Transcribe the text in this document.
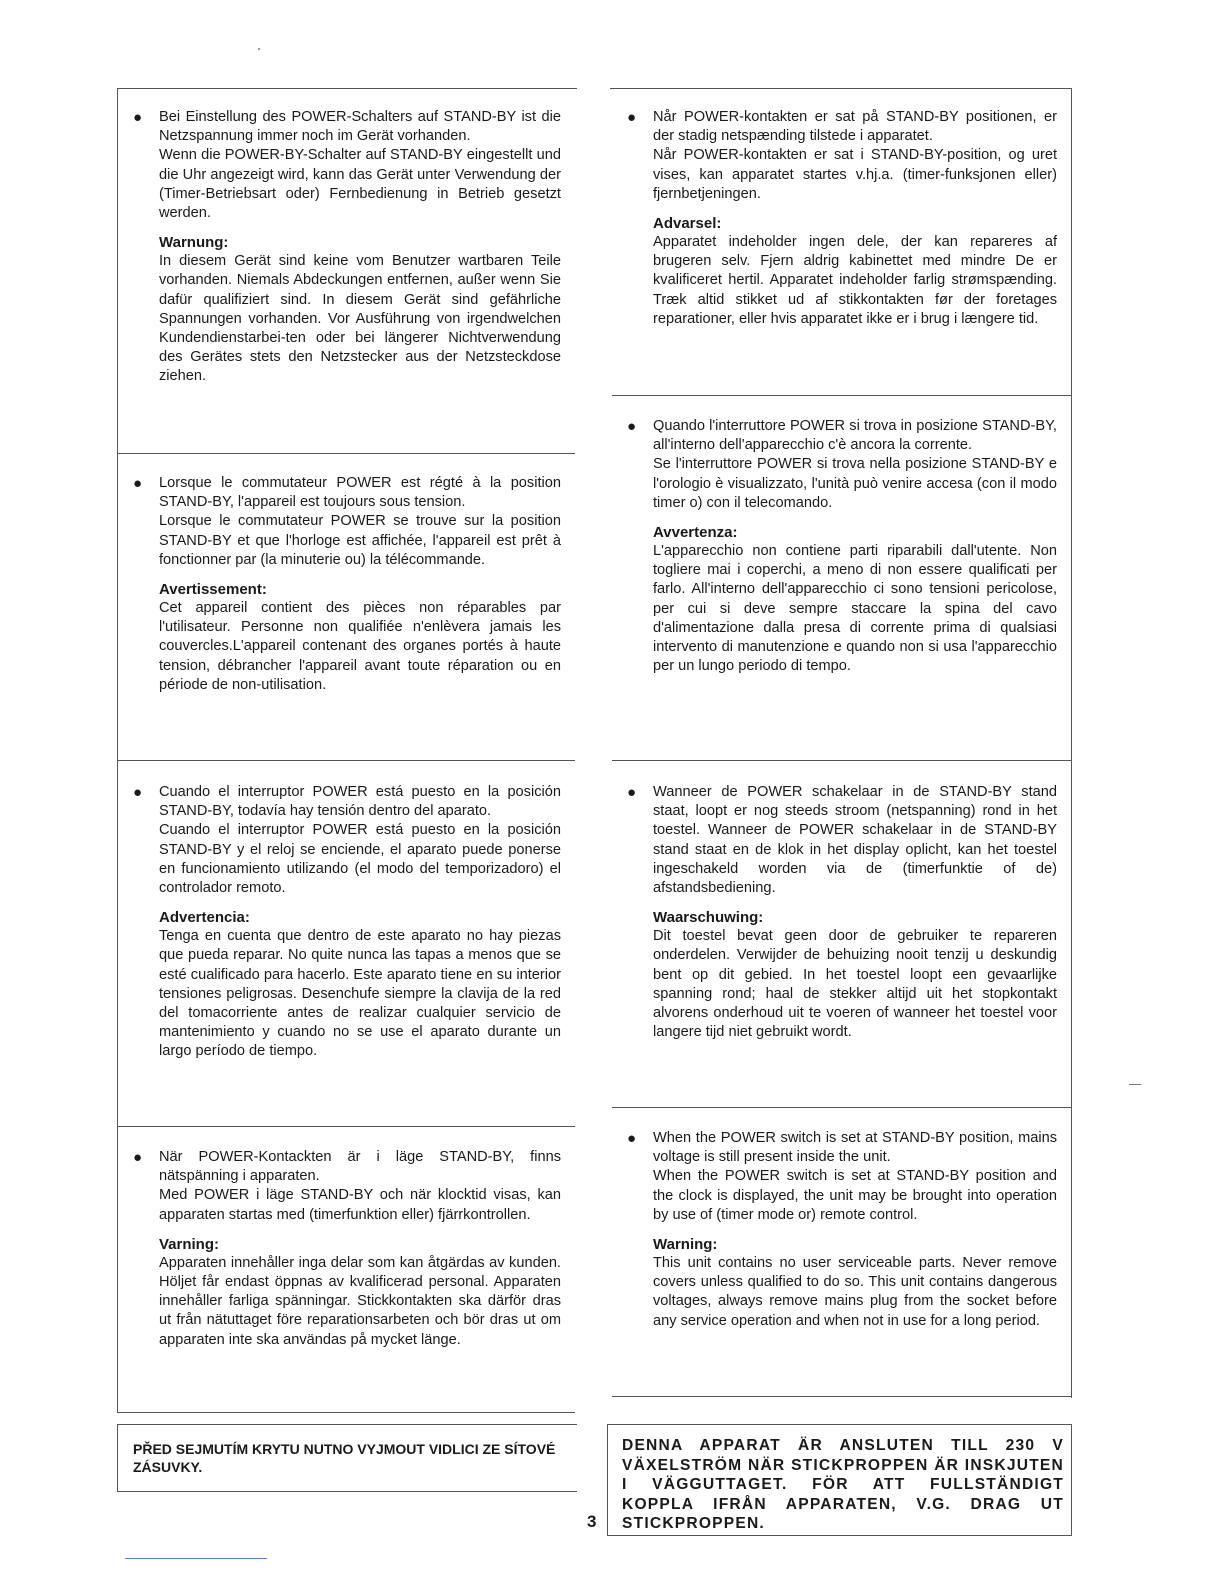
● Bei Einstellung des POWER-Schalters auf STAND-BY ist die Netzspannung immer noch im Gerät vorhanden.

Wenn die POWER-BY-Schalter auf STAND-BY eingestellt und die Uhr angezeigt wird, kann das Gerät unter Verwendung der (Timer-Betriebsart oder) Fernbedienung in Betrieb gesetzt werden.

Warnung:
In diesem Gerät sind keine vom Benutzer wartbaren Teile vorhanden. Niemals Abdeckungen entfernen, außer wenn Sie dafür qualifiziert sind. In diesem Gerät sind gefährliche Spannungen vorhanden. Vor Ausführung von irgendwelchen Kundendienstarbei-ten oder bei längerer Nichtverwendung des Gerätes stets den Netzstecker aus der Netzsteckdose ziehen.
● Lorsque le commutateur POWER est régté à la position STAND-BY, l'appareil est toujours sous tension.

Lorsque le commutateur POWER se trouve sur la position STAND-BY et que l'horloge est affichée, l'appareil est prêt à fonctionner par (la minuterie ou) la télécommande.

Avertissement:
Cet appareil contient des pièces non réparables par l'utilisateur. Personne non qualifiée n'enlèvera jamais les couvercles.L'appareil contenant des organes portés à haute tension, débrancher l'appareil avant toute réparation ou en période de non-utilisation.
● Cuando el interruptor POWER está puesto en la posición STAND-BY, todavía hay tensión dentro del aparato.

Cuando el interruptor POWER está puesto en la posición STAND-BY y el reloj se enciende, el aparato puede ponerse en funcionamiento utilizando (el modo del temporizadoro) el controlador remoto.

Advertencia:
Tenga en cuenta que dentro de este aparato no hay piezas que pueda reparar. No quite nunca las tapas a menos que se esté cualificado para hacerlo. Este aparato tiene en su interior tensiones peligrosas. Desenchufe siempre la clavija de la red del tomacorriente antes de realizar cualquier servicio de mantenimiento y cuando no se use el aparato durante un largo período de tiempo.
● När POWER-Kontackten är i läge STAND-BY, finns nätspänning i apparaten.

Med POWER i läge STAND-BY och när klocktid visas, kan apparaten startas med (timerfunktion eller) fjärrkontrollen.

Varning:
Apparaten innehåller inga delar som kan åtgärdas av kunden. Höljet får endast öppnas av kvalificerad personal. Apparaten innehåller farliga spänningar. Stickkontakten ska därför dras ut från nätuttaget före reparationsarbeten och bör dras ut om apparaten inte ska användas på mycket länge.
● Når POWER-kontakten er sat på STAND-BY positionen, er der stadig netspænding tilstede i apparatet.

Når POWER-kontakten er sat i STAND-BY-position, og uret vises, kan apparatet startes v.hj.a. (timer-funksjonen eller) fjernbetjeningen.

Advarsel:
Apparatet indeholder ingen dele, der kan repareres af brugeren selv. Fjern aldrig kabinettet med mindre De er kvalificeret hertil. Apparatet indeholder farlig strømspænding. Træk altid stikket ud af stikkontakten før der foretages reparationer, eller hvis apparatet ikke er i brug i længere tid.
● Quando l'interruttore POWER si trova in posizione STAND-BY, all'interno dell'apparecchio c'è ancora la corrente.

Se l'interruttore POWER si trova nella posizione STAND-BY e l'orologio è visualizzato, l'unità può venire accesa (con il modo timer o) con il telecomando.

Avvertenza:
L'apparecchio non contiene parti riparabili dall'utente. Non togliere mai i coperchi, a meno di non essere qualificati per farlo. All'interno dell'apparecchio ci sono tensioni pericolose, per cui si deve sempre staccare la spina del cavo d'alimentazione dalla presa di corrente prima di qualsiasi intervento di manutenzione e quando non si usa l'apparecchio per un lungo periodo di tempo.
● Wanneer de POWER schakelaar in de STAND-BY stand staat, loopt er nog steeds stroom (netspanning) rond in het toestel. Wanneer de POWER schakelaar in de STAND-BY stand staat en de klok in het display oplicht, kan het toestel ingeschakeld worden via de (timerfunktie of de) afstandsbediening.

Waarschuwing:
Dit toestel bevat geen door de gebruiker te repareren onderdelen. Verwijder de behuizing nooit tenzij u deskundig bent op dit gebied. In het toestel loopt een gevaarlijke spanning rond; haal de stekker altijd uit het stopkontakt alvorens onderhoud uit te voeren of wanneer het toestel voor langere tijd niet gebruikt wordt.
● When the POWER switch is set at STAND-BY position, mains voltage is still present inside the unit.

When the POWER switch is set at STAND-BY position and the clock is displayed, the unit may be brought into operation by use of (timer mode or) remote control.

Warning:
This unit contains no user serviceable parts. Never remove covers unless qualified to do so. This unit contains dangerous voltages, always remove mains plug from the socket before any service operation and when not in use for a long period.
PŘED SEJMUTÍM KRYTU NUTNO VYJMOUT VIDLICI ZE SÍTOVÉ ZÁSUVKY.
DENNA APPARAT ÄR ANSLUTEN TILL 230 V VÄXELSTRÖM NÄR STICKPROPPEN ÄR INSKJUTEN I VÄGGUTTAGET. FÖR ATT FULLSTÄNDIGT KOPPLA IFRÅN APPARATEN, V.G. DRAG UT STICKPROPPEN.
3
